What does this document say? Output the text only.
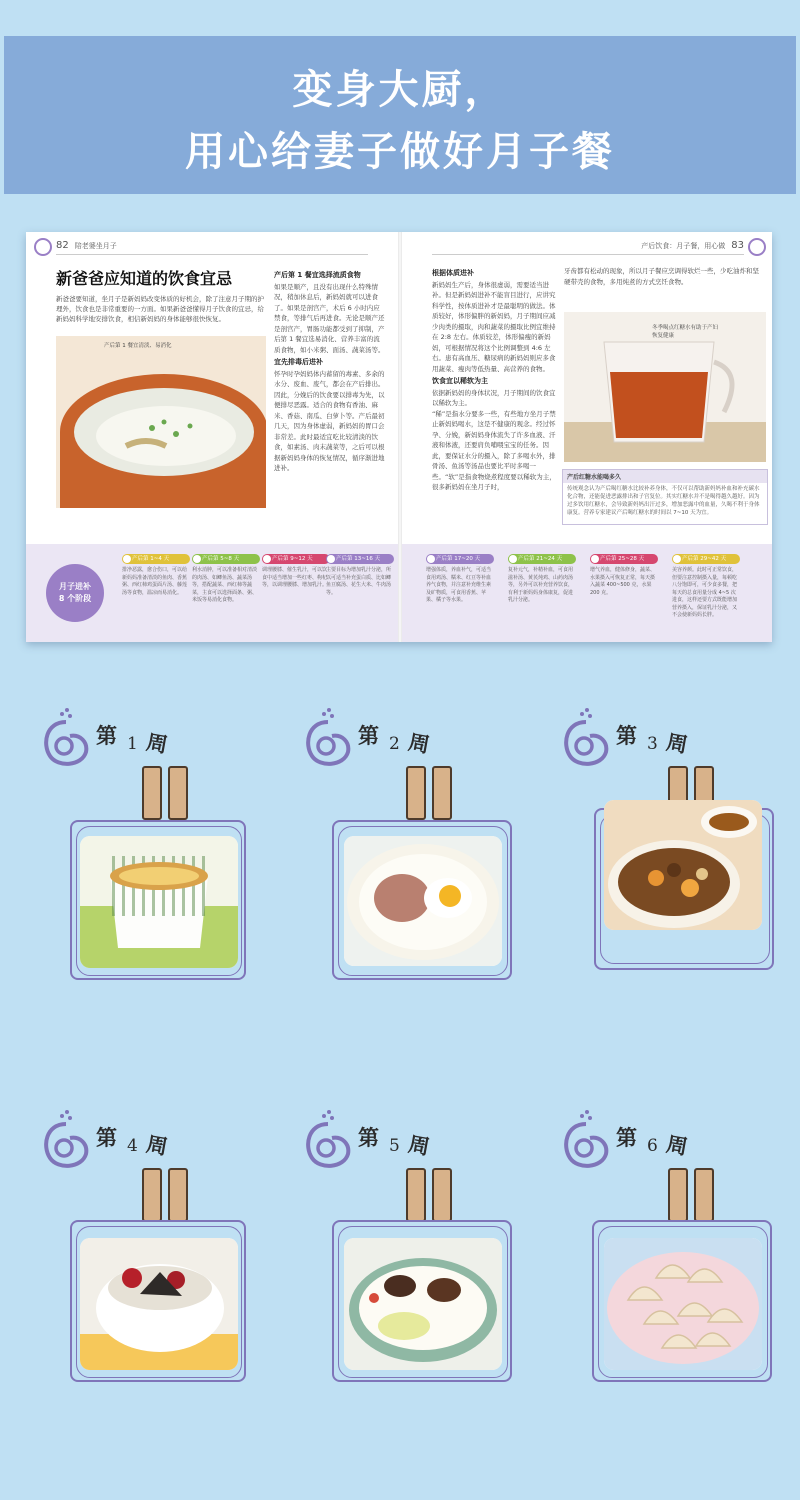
变身大厨，
用心给妻子做好月子餐
82 陪老婆坐月子
新爸爸应知道的饮食宜忌
新爸爸要知道，坐月子是新妈妈改变体质的好机会，除了注意月子期的护理外，饮食也是非常重要的一方面。如果新爸爸懂得月子饮食的宜忌，给新妈妈科学地安排饮食，相信新妈妈的身体能够很快恢复。
产后第 1 餐宜清淡、易消化
产后第 1 餐宜选择流质食物

如果是顺产，且没有出现什么特殊情况，稍加休息后，新妈妈就可以进食了。如果是剖宫产，术后 6 小时内应禁食，等排气后再进食。无论是顺产还是剖宫产，胃肠功能都受到了抑制，产后第 1 餐宜选易消化、营养丰富的流质食物，如小米粥、面汤、蔬菜汤等。

宜先排毒后进补

怀孕时孕妈妈体内蓄留的毒素、多余的水分、废血、废气，都会在产后排出。因此，分娩后的饮食要以排毒为先，以便排尽恶露。适合的食物有香油、麻米、香菇、南瓜、白萝卜等。产后最初几天，因为身体虚弱，新妈妈的胃口会非常差。此时最适宜吃比较清淡的饮食，如素汤、肉末蔬菜等，之后可以根据新妈妈身体的恢复情况，循序渐进地进补。

月子进补
8 个阶段
产后第 1~4 天
排净恶露，愈合伤口，可以给新妈妈准备清淡的鱼肉、香蕉粥、西红柿鸡蛋面片汤、藤莲汤等食物，温凉而易消化。
产后第 5~8 天
利水消肿，可以准备相对清淡的肉汤、如鲫鱼汤、蔬菜汤等，搭配蔬菜、西红柿等蔬菜，主食可以选择面条、粥、米饭等易消化食物。
产后第 9~12 天
调理腰膝、催生乳汁，可以饮食中适当增加一些红枣、枸杞等，以调理腰膝、增加乳汁。
产后第 13~16 天
主要目标为增加乳汁分泌，所以可适当补充蛋白质、比如鲫鱼豆腐汤、花生大米、牛肉汤等。
产后饮食：月子餐，用心做 83
根据体质进补

新妈妈生产后，身体很虚弱，需要适当进补。但是新妈妈进补不能盲目进行，应讲究科学性，按体质进补才是最聪明的做法。体质较好，体形偏胖的新妈妈，月子期间应减少肉类的摄取，肉和蔬菜的摄取比例宜维持在 2:8 左右。体质较差，体形偏瘦的新妈妈，可根据情况将这个比例调整到 4:6 左右。患有高血压、糖尿病的新妈妈则应多食用蔬菜、瘦肉等低热量、高营养的食物。

饮食宜以稀软为主

依据新妈妈的身体状况，月子期间的饮食宜以稀软为主。

“稀”是指水分要多一些，有些地方坐月子禁止新妈妈喝水，这是不健康的观念。经过怀孕、分娩，新妈妈身体流失了许多血液、汗液和体液，还要肩负哺喂宝宝的任务。因此，要保证水分的摄入，除了多喝水外，排骨汤、鱼汤等汤品也要比平时多喝一些。“软”是指食物烧煮程度要以稀软为主，很多新妈妈在坐月子时，

冬季喝点红糖水有助于产妇恢复健康

牙齿都有松动的现象，所以月子餐应烹调得软烂一些，少吃油炸和坚硬带壳的食物，多用炖煮的方式烹饪食物。

产后红糖水能喝多久
传统观念认为产后喝红糖水比较补养身体，不仅可以帮助新妈妈补血和补充碳水化合物，还能促进恶露排出和子宫复位。其实红糖水并不是喝得越久越好。因为过多饮用红糖水，会导致新妈妈出汗过多，增加恶露中的血量，久喝不利于身体康复。营养专家建议产后喝红糖水的时间以 7~10 天为宜。
产后第 17~20 天
增强体质，养血补气，可适当食用鸡汤、糯米、红豆等补血养气食物，并注意补充维生素及矿物质，可食用香蕉、苹果、橘子等水果。
产后第 21~24 天
复补元气，补精补血，可食用滋补汤、黄芪炖鸡、山药肉汤等，另外可以补充营养饮食，有利于新妈妈身体康复，促进乳汁分泌。
产后第 25~28 天
增气养血，健体修身，蔬菜、水果摄入可恢复正常，每天摄入蔬菜 400~500 克，水果 200 克。
产后第 29~42 天
美容养颜。此时可正常饮食，但要注意控制摄入量，每顿吃八分饱即可，可少食多餐，把每天的总食用量分成 4~5 次进食，这样还要方式既能增加营养摄入，保证乳汁分泌，又不会使新妈妈长胖。
第 1 周	第 2 周	第 3 周
第 4 周	第 5 周	第 6 周
